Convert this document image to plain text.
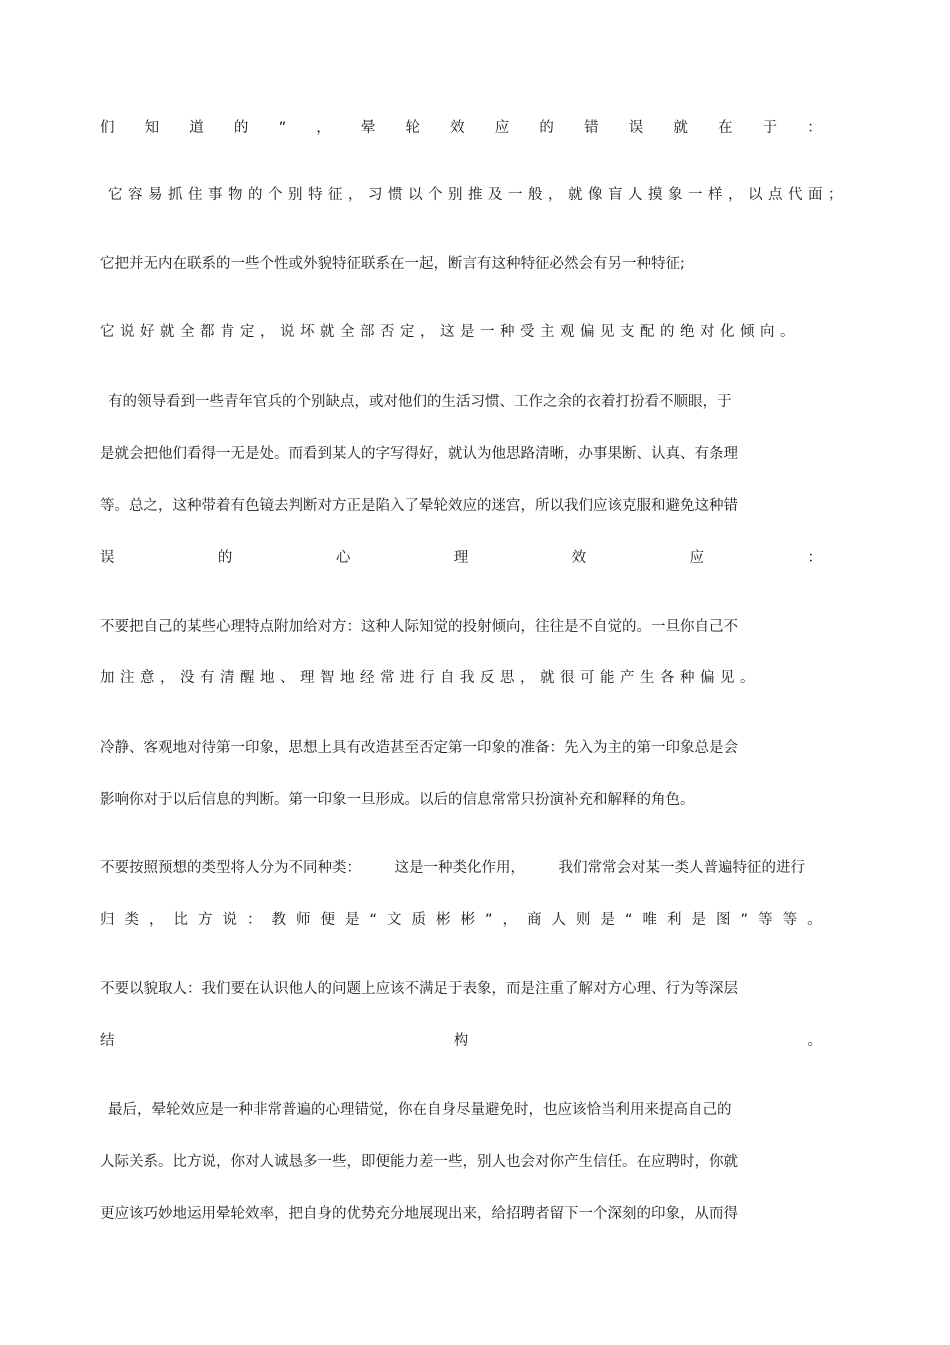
们 知 道 的 ” ， 晕 轮 效 应 的 错 误 就 在 于 ：
它容易抓住事物的个别特征，习惯以个别推及一般，就像盲人摸象一样，以点代面；
它把并无内在联系的一些个性或外貌特征联系在一起，断言有这种特征必然会有另一种特征;
它说好就全都肯定，说坏就全部否定，这是一种受主观偏见支配的绝对化倾向。
有的领导看到一些青年官兵的个别缺点，或对他们的生活习惯、工作之余的衣着打扮看不顺眼，于
是就会把他们看得一无是处。而看到某人的字写得好，就认为他思路清晰，办事果断、认真、有条理
等。总之，这种带着有色镜去判断对方正是陷入了晕轮效应的迷宫，所以我们应该克服和避免这种错
误	的	心	理	效	应	：
不要把自己的某些心理特点附加给对方：这种人际知觉的投射倾向，往往是不自觉的。一旦你自己不
加注意，没有清醒地、理智地经常进行自我反思，就很可能产生各种偏见。
冷静、客观地对待第一印象，思想上具有改造甚至否定第一印象的准备：先入为主的第一印象总是会
影响你对于以后信息的判断。第一印象一旦形成。以后的信息常常只扮演补充和解释的角色。
不要按照预想的类型将人分为不同种类： 这是一种类化作用， 我们常常会对某一类人普遍特征的进行
归 类 ， 比 方 说 ： 教 师 便 是 “ 文 质 彬 彬 ” ， 商 人 则 是 “ 唯 利 是 图 ” 等 等 。
不要以貌取人：我们要在认识他人的问题上应该不满足于表象，而是注重了解对方心理、行为等深层
结	构	。
最后，晕轮效应是一种非常普遍的心理错觉，你在自身尽量避免时，也应该恰当利用来提高自己的
人际关系。比方说，你对人诚恳多一些，即便能力差一些，别人也会对你产生信任。在应聘时，你就
更应该巧妙地运用晕轮效率，把自身的优势充分地展现出来，给招聘者留下一个深刻的印象，从而得
